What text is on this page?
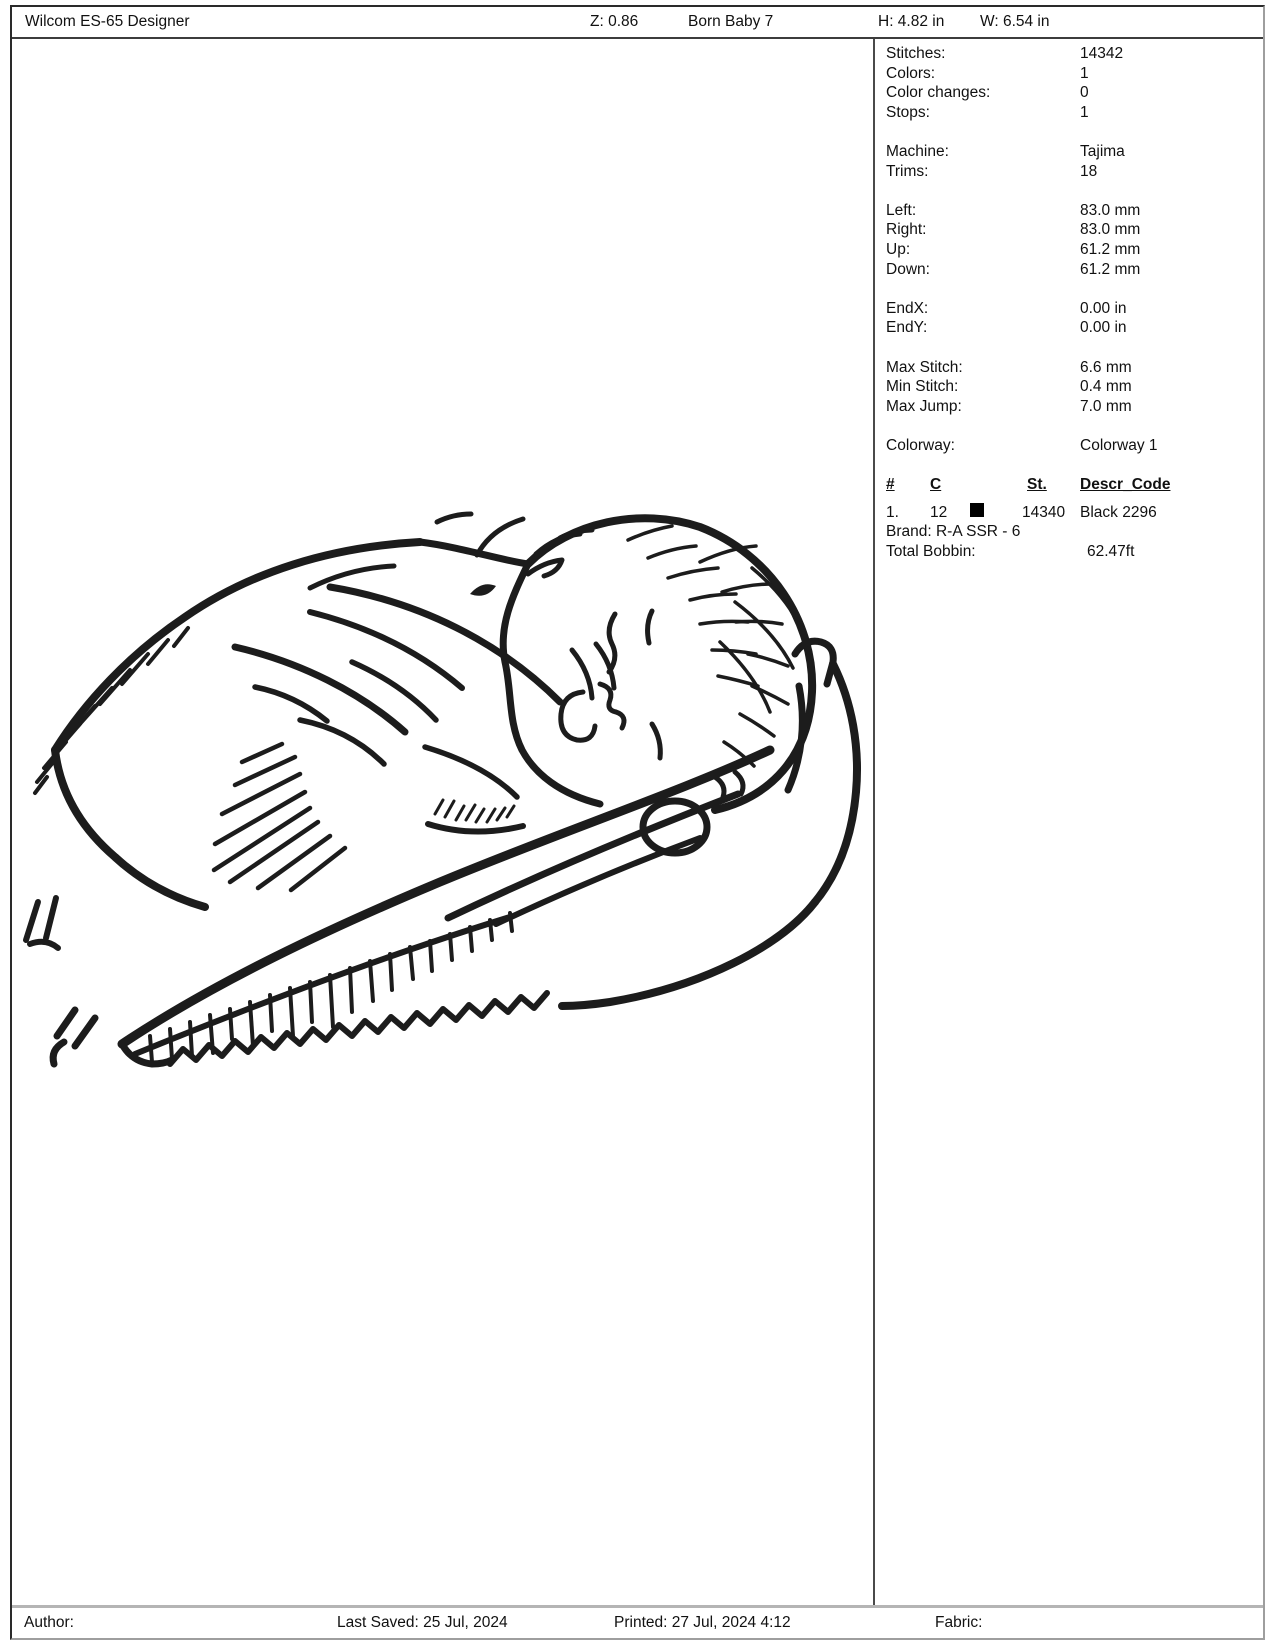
Wilcom ES-65 Designer	Z: 0.86	Born Baby 7	H: 4.82 in W: 6.54 in
Stitches:	14342
Colors:	1
Color changes:	0
Stops:	1
Machine:	Tajima
Trims:	18
Left:	83.0 mm
Right:	83.0 mm
Up:	61.2 mm
Down:	61.2 mm
EndX:	0.00 in
EndY:	0.00 in
Max Stitch:	6.6 mm
Min Stitch:	0.4 mm
Max Jump:	7.0 mm
Colorway:	Colorway 1
# C	St. Descr_Code
1. 12	14340 Black 2296
Brand: R-A SSR - 6
Total Bobbin:	62.47ft
Author:	Last Saved: 25 Jul, 2024	Printed: 27 Jul, 2024 4:12	Fabric:
